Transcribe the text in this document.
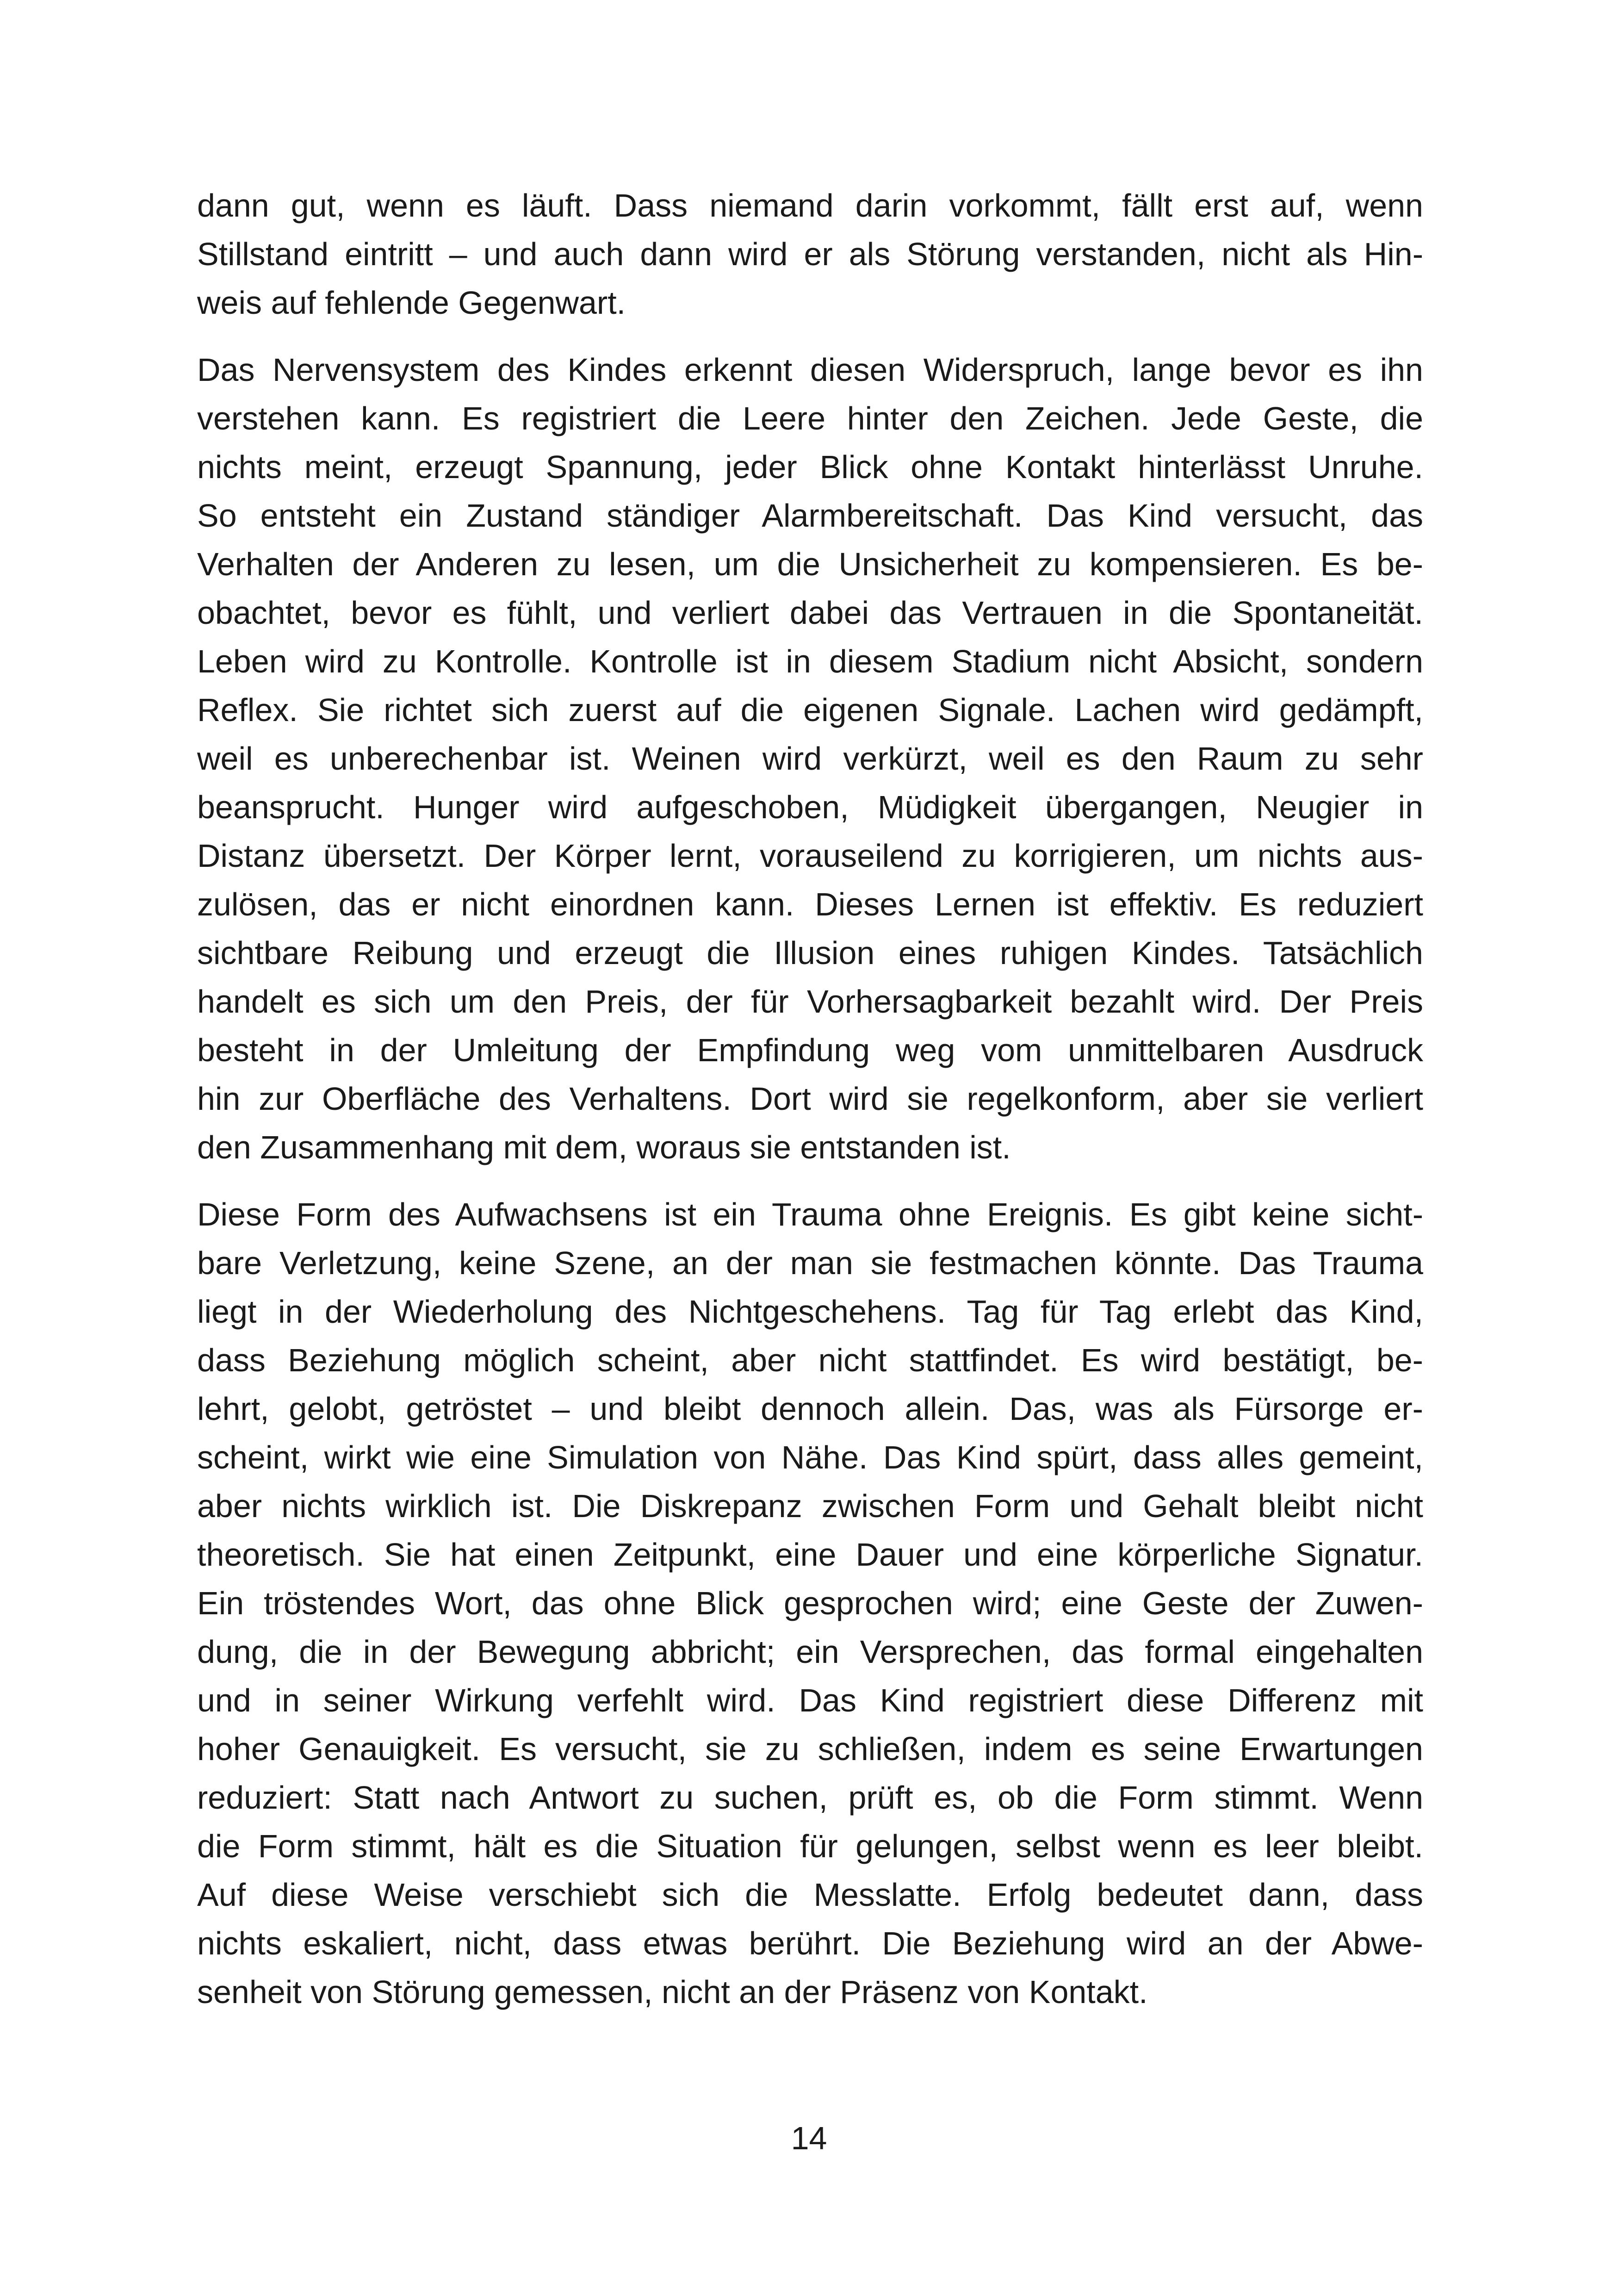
dann gut, wenn es läuft. Dass niemand darin vorkommt, fällt erst auf, wenn
Stillstand eintritt – und auch dann wird er als Störung verstanden, nicht als Hin-
weis auf fehlende Gegenwart.

Das Nervensystem des Kindes erkennt diesen Widerspruch, lange bevor es ihn
verstehen kann. Es registriert die Leere hinter den Zeichen. Jede Geste, die
nichts meint, erzeugt Spannung, jeder Blick ohne Kontakt hinterlässt Unruhe.
So entsteht ein Zustand ständiger Alarmbereitschaft. Das Kind versucht, das
Verhalten der Anderen zu lesen, um die Unsicherheit zu kompensieren. Es be-
obachtet, bevor es fühlt, und verliert dabei das Vertrauen in die Spontaneität.
Leben wird zu Kontrolle. Kontrolle ist in diesem Stadium nicht Absicht, sondern
Reflex. Sie richtet sich zuerst auf die eigenen Signale. Lachen wird gedämpft,
weil es unberechenbar ist. Weinen wird verkürzt, weil es den Raum zu sehr
beansprucht. Hunger wird aufgeschoben, Müdigkeit übergangen, Neugier in
Distanz übersetzt. Der Körper lernt, vorauseilend zu korrigieren, um nichts aus-
zulösen, das er nicht einordnen kann. Dieses Lernen ist effektiv. Es reduziert
sichtbare Reibung und erzeugt die Illusion eines ruhigen Kindes. Tatsächlich
handelt es sich um den Preis, der für Vorhersagbarkeit bezahlt wird. Der Preis
besteht in der Umleitung der Empfindung weg vom unmittelbaren Ausdruck
hin zur Oberfläche des Verhaltens. Dort wird sie regelkonform, aber sie verliert
den Zusammenhang mit dem, woraus sie entstanden ist.

Diese Form des Aufwachsens ist ein Trauma ohne Ereignis. Es gibt keine sicht-
bare Verletzung, keine Szene, an der man sie festmachen könnte. Das Trauma
liegt in der Wiederholung des Nichtgeschehens. Tag für Tag erlebt das Kind,
dass Beziehung möglich scheint, aber nicht stattfindet. Es wird bestätigt, be-
lehrt, gelobt, getröstet – und bleibt dennoch allein. Das, was als Fürsorge er-
scheint, wirkt wie eine Simulation von Nähe. Das Kind spürt, dass alles gemeint,
aber nichts wirklich ist. Die Diskrepanz zwischen Form und Gehalt bleibt nicht
theoretisch. Sie hat einen Zeitpunkt, eine Dauer und eine körperliche Signatur.
Ein tröstendes Wort, das ohne Blick gesprochen wird; eine Geste der Zuwen-
dung, die in der Bewegung abbricht; ein Versprechen, das formal eingehalten
und in seiner Wirkung verfehlt wird. Das Kind registriert diese Differenz mit
hoher Genauigkeit. Es versucht, sie zu schließen, indem es seine Erwartungen
reduziert: Statt nach Antwort zu suchen, prüft es, ob die Form stimmt. Wenn
die Form stimmt, hält es die Situation für gelungen, selbst wenn es leer bleibt.
Auf diese Weise verschiebt sich die Messlatte. Erfolg bedeutet dann, dass
nichts eskaliert, nicht, dass etwas berührt. Die Beziehung wird an der Abwe-
senheit von Störung gemessen, nicht an der Präsenz von Kontakt.

14
